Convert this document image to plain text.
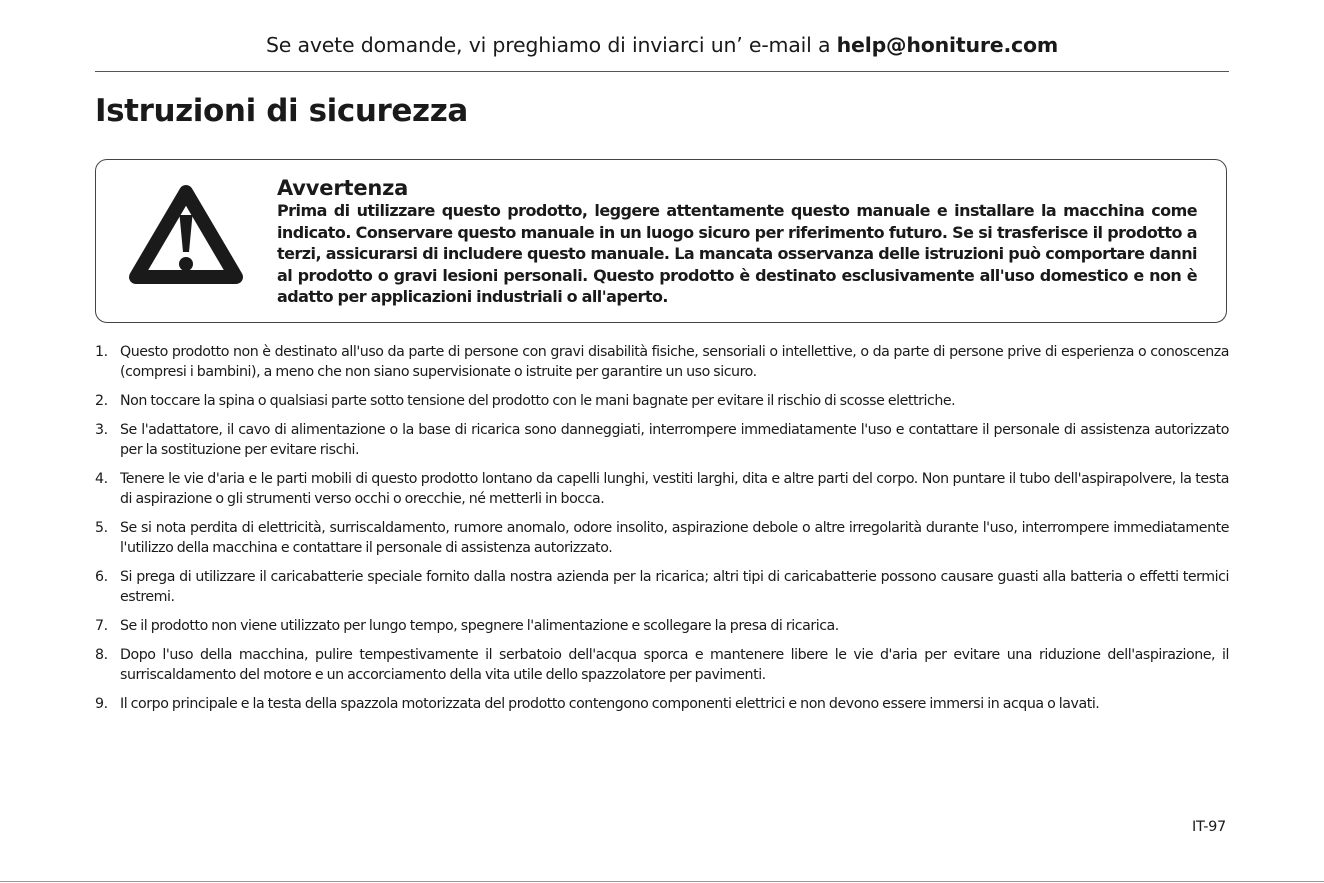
Se avete domande, vi preghiamo di inviarci un’ e-mail a help@honiture.com
Istruzioni di sicurezza
Avvertenza
Prima di utilizzare questo prodotto, leggere attentamente questo manuale e installare la macchina come indicato. Conservare questo manuale in un luogo sicuro per riferimento futuro. Se si trasferisce il prodotto a terzi, assicurarsi di includere questo manuale. La mancata osservanza delle istruzioni può comportare danni al prodotto o gravi lesioni personali. Questo prodotto è destinato esclusivamente all'uso domestico e non è adatto per applicazioni industriali o all'aperto.
1. Questo prodotto non è destinato all'uso da parte di persone con gravi disabilità fisiche, sensoriali o intellettive, o da parte di persone prive di esperienza o conoscenza (compresi i bambini), a meno che non siano supervisionate o istruite per garantire un uso sicuro.
2. Non toccare la spina o qualsiasi parte sotto tensione del prodotto con le mani bagnate per evitare il rischio di scosse elettriche.
3. Se l'adattatore, il cavo di alimentazione o la base di ricarica sono danneggiati, interrompere immediatamente l'uso e contattare il personale di assistenza autorizzato per la sostituzione per evitare rischi.
4. Tenere le vie d'aria e le parti mobili di questo prodotto lontano da capelli lunghi, vestiti larghi, dita e altre parti del corpo. Non puntare il tubo dell'aspirapolvere, la testa di aspirazione o gli strumenti verso occhi o orecchie, né metterli in bocca.
5. Se si nota perdita di elettricità, surriscaldamento, rumore anomalo, odore insolito, aspirazione debole o altre irregolarità durante l'uso, interrompere immediatamente l'utilizzo della macchina e contattare il personale di assistenza autorizzato.
6. Si prega di utilizzare il caricabatterie speciale fornito dalla nostra azienda per la ricarica; altri tipi di caricabatterie possono causare guasti alla batteria o effetti termici estremi.
7. Se il prodotto non viene utilizzato per lungo tempo, spegnere l'alimentazione e scollegare la presa di ricarica.
8. Dopo l'uso della macchina, pulire tempestivamente il serbatoio dell'acqua sporca e mantenere libere le vie d'aria per evitare una riduzione dell'aspirazione, il surriscaldamento del motore e un accorciamento della vita utile dello spazzolatore per pavimenti.
9. Il corpo principale e la testa della spazzola motorizzata del prodotto contengono componenti elettrici e non devono essere immersi in acqua o lavati.
IT-97
